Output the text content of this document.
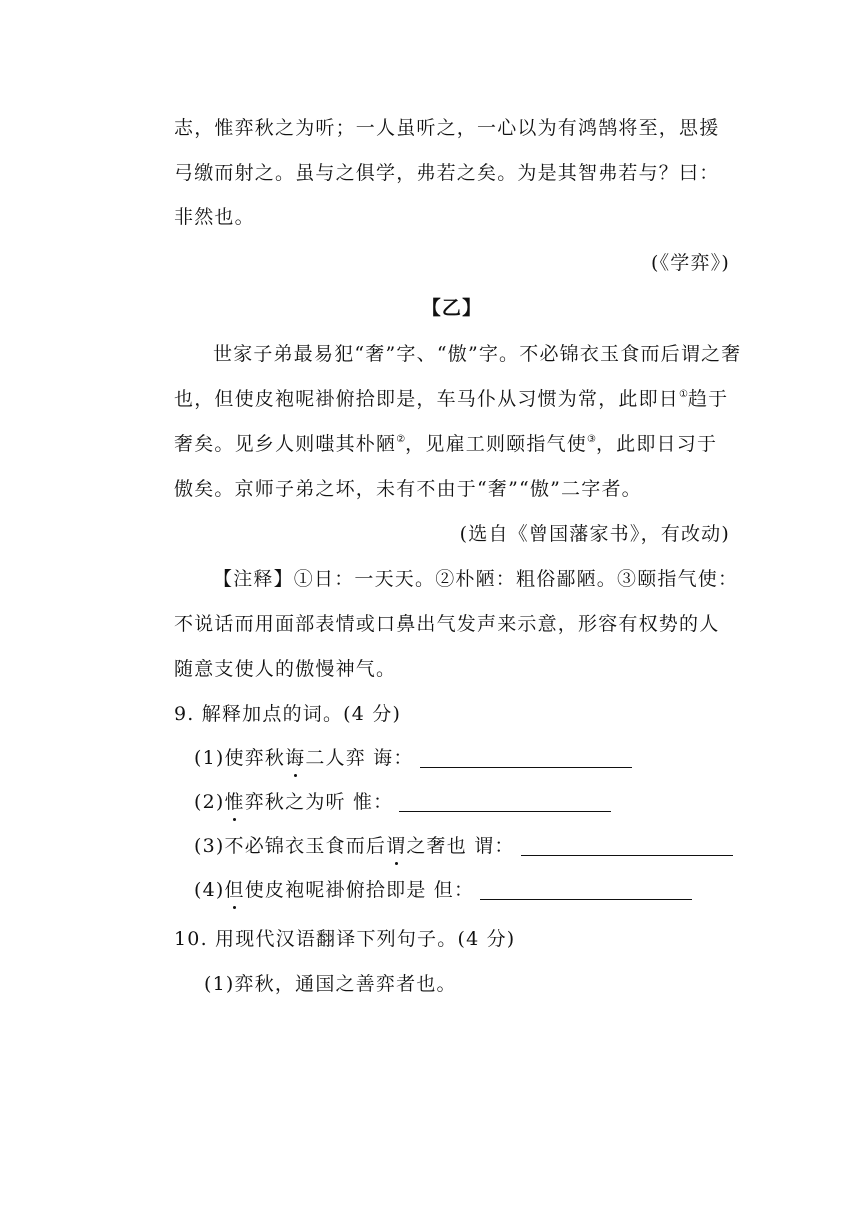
志，惟弈秋之为听；一人虽听之，一心以为有鸿鹄将至，思援
弓缴而射之。虽与之俱学，弗若之矣。为是其智弗若与？曰：
非然也。
(《学弈》)
【乙】
世家子弟最易犯“奢”字、“傲”字。不必锦衣玉食而后谓之奢
也，但使皮袍呢褂俯拾即是，车马仆从习惯为常，此即日①趋于
奢矣。见乡人则嗤其朴陋②，见雇工则颐指气使③，此即日习于
傲矣。京师子弟之坏，未有不由于“奢”“傲”二字者。
(选自《曾国藩家书》，有改动)
【注释】①日：一天天。②朴陋：粗俗鄙陋。③颐指气使：
不说话而用面部表情或口鼻出气发声来示意，形容有权势的人
随意支使人的傲慢神气。
9. 解释加点的词。(4 分)
(1)使弈秋诲二人弈 诲：
(2)惟弈秋之为听 惟：
(3)不必锦衣玉食而后谓之奢也 谓：
(4)但使皮袍呢褂俯拾即是 但：
10. 用现代汉语翻译下列句子。(4 分)
(1)弈秋，通国之善弈者也。
